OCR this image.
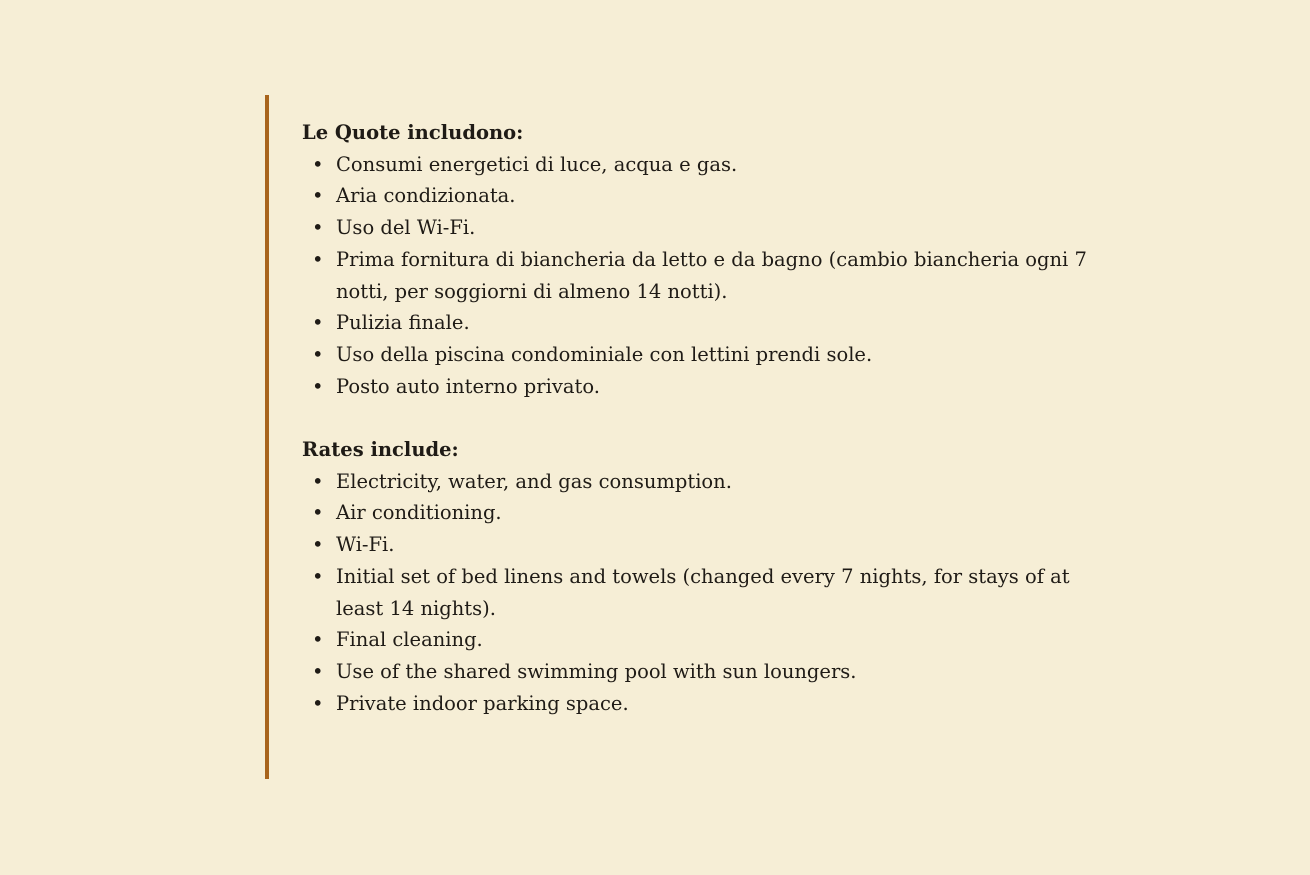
Le Quote includono:

• Consumi energetici di luce, acqua e gas.
• Aria condizionata.
• Uso del Wi-Fi.
• Prima fornitura di biancheria da letto e da bagno (cambio biancheria ogni 7 notti, per soggiorni di almeno 14 notti).
• Pulizia finale.
• Uso della piscina condominiale con lettini prendi sole.
• Posto auto interno privato.

Rates include:

• Electricity, water, and gas consumption.
• Air conditioning.
• Wi-Fi.
• Initial set of bed linens and towels (changed every 7 nights, for stays of at least 14 nights).
• Final cleaning.
• Use of the shared swimming pool with sun loungers.
• Private indoor parking space.
